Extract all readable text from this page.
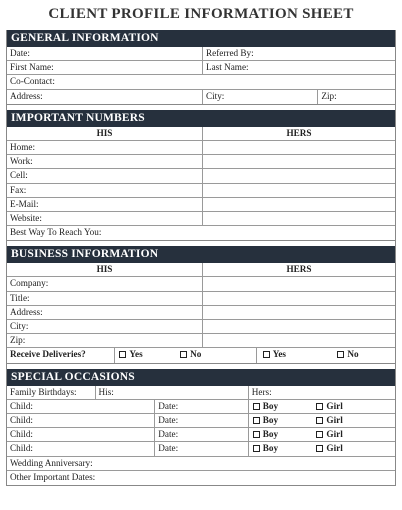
CLIENT PROFILE INFORMATION SHEET
GENERAL INFORMATION
Date:	Referred By:
First Name:	Last Name:
Co-Contact:
Address:	City:	Zip:
IMPORTANT NUMBERS
HIS	HERS
Home:
Work:
Cell:
Fax:
E-Mail:
Website:
Best Way To Reach You:
BUSINESS INFORMATION
HIS	HERS
Company:
Title:
Address:
City:
Zip:
Receive Deliveries?	Yes	No	Yes	No
SPECIAL OCCASIONS
Family Birthdays:	His:	Hers:
Child:	Date:	Boy	Girl
Child:	Date:	Boy	Girl
Child:	Date:	Boy	Girl
Child:	Date:	Boy	Girl
Wedding Anniversary:
Other Important Dates:
